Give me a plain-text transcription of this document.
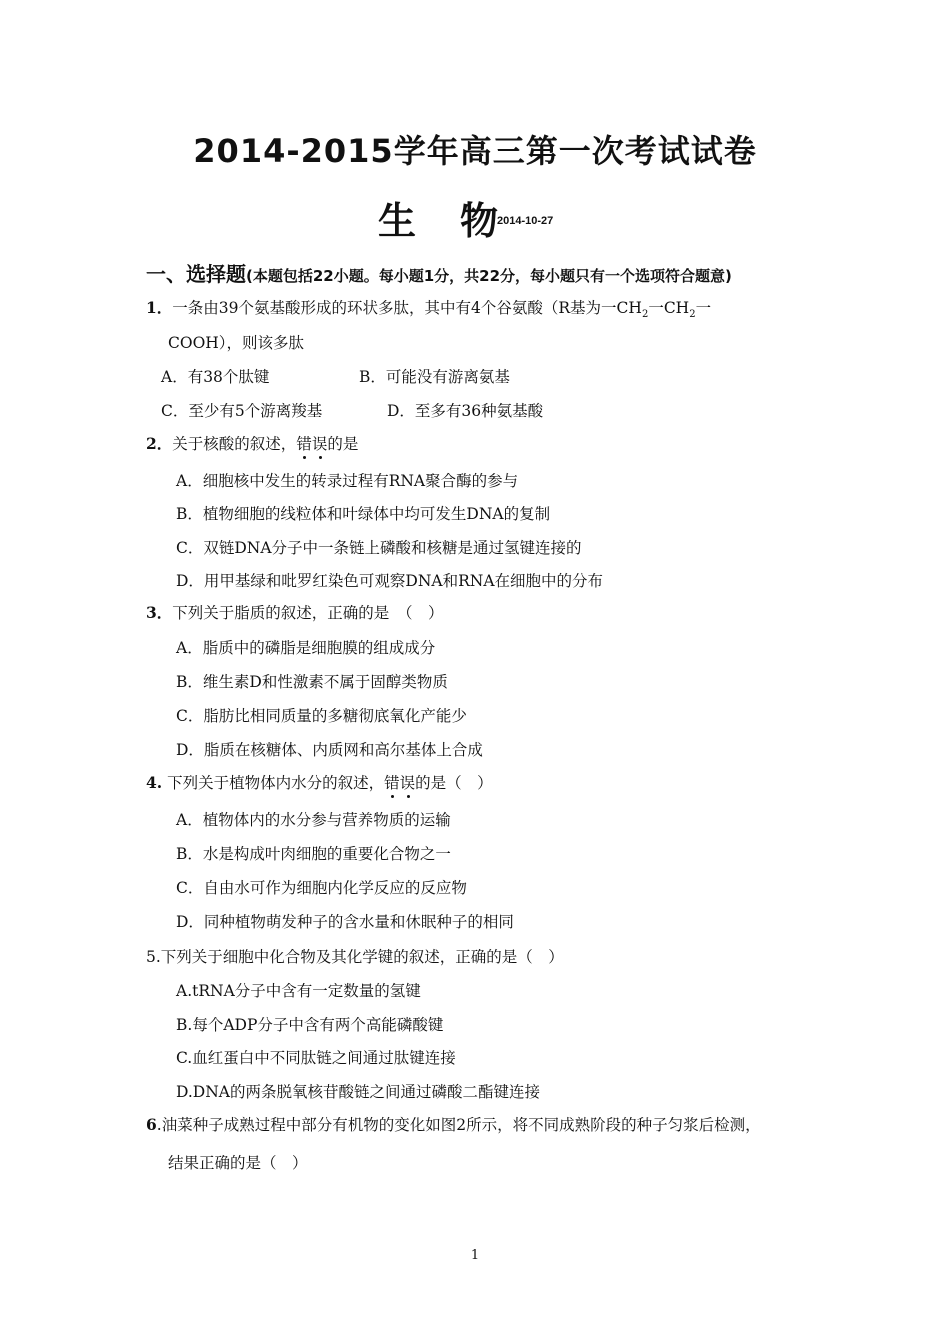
2014-2015学年高三第一次考试试卷
生 物
2014-10-27
一、选择题(本题包括22小题。每小题1分，共22分，每小题只有一个选项符合题意)
1．一条由39个氨基酸形成的环状多肽，其中有4个谷氨酸（R基为一$CH_2$一$CH_2$一
COOH），则该多肽
A．有38个肽键	B．可能没有游离氨基
C．至少有5个游离羧基	D．至多有36种氨基酸
2．关于核酸的叙述，错误的是
A．细胞核中发生的转录过程有RNA聚合酶的参与
B．植物细胞的线粒体和叶绿体中均可发生DNA的复制
C．双链DNA分子中一条链上磷酸和核糖是通过氢键连接的
D．用甲基绿和吡罗红染色可观察DNA和RNA在细胞中的分布
3．下列关于脂质的叙述，正确的是　（　）
A．脂质中的磷脂是细胞膜的组成成分
B．维生素D和性激素不属于固醇类物质
C．脂肪比相同质量的多糖彻底氧化产能少
D．脂质在核糖体、内质网和高尔基体上合成
4. 下列关于植物体内水分的叙述，错误的是（　）
A．植物体内的水分参与营养物质的运输
B．水是构成叶肉细胞的重要化合物之一
C．自由水可作为细胞内化学反应的反应物
D．同种植物萌发种子的含水量和休眠种子的相同
5.下列关于细胞中化合物及其化学键的叙述，正确的是（　）
A.tRNA分子中含有一定数量的氢键
B.每个ADP分子中含有两个高能磷酸键
C.血红蛋白中不同肽链之间通过肽键连接
D.DNA的两条脱氧核苷酸链之间通过磷酸二酯键连接
6.油菜种子成熟过程中部分有机物的变化如图2所示，将不同成熟阶段的种子匀浆后检测，
结果正确的是（　）
1
